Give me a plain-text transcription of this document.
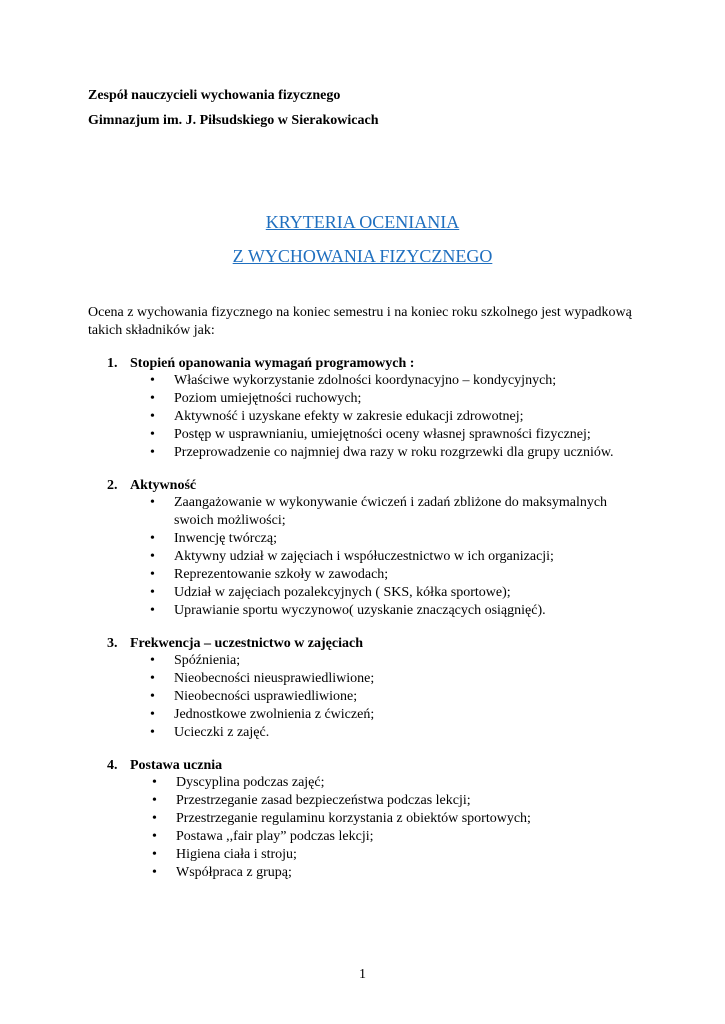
Zespół nauczycieli wychowania fizycznego
Gimnazjum im. J. Piłsudskiego w Sierakowicach
KRYTERIA OCENIANIA
Z WYCHOWANIA FIZYCZNEGO
Ocena z wychowania fizycznego na koniec semestru i na koniec roku szkolnego jest wypadkową takich składników jak:
1. Stopień opanowania wymagań programowych :
•	Właściwe wykorzystanie zdolności koordynacyjno – kondycyjnych;
•	Poziom umiejętności ruchowych;
•	Aktywność i uzyskane efekty w zakresie edukacji zdrowotnej;
•	Postęp w usprawnianiu, umiejętności oceny własnej sprawności fizycznej;
•	Przeprowadzenie co najmniej dwa razy w roku rozgrzewki dla grupy uczniów.
2. Aktywność
•	Zaangażowanie w wykonywanie ćwiczeń i zadań zbliżone do maksymalnych swoich możliwości;
•	Inwencję twórczą;
•	Aktywny udział w zajęciach i współuczestnictwo w ich organizacji;
•	Reprezentowanie szkoły w zawodach;
•	Udział w zajęciach pozalekcyjnych ( SKS, kółka sportowe);
•	Uprawianie sportu wyczynowo( uzyskanie znaczących osiągnięć).
3. Frekwencja – uczestnictwo w zajęciach
•	Spóźnienia;
•	Nieobecności nieusprawiedliwione;
•	Nieobecności usprawiedliwione;
•	Jednostkowe zwolnienia z ćwiczeń;
•	Ucieczki z zajęć.
4. Postawa ucznia
•	Dyscyplina podczas zajęć;
•	Przestrzeganie zasad bezpieczeństwa podczas lekcji;
•	Przestrzeganie regulaminu korzystania z obiektów sportowych;
•	Postawa ,,fair play” podczas lekcji;
•	Higiena ciała i stroju;
•	Współpraca z grupą;
1
